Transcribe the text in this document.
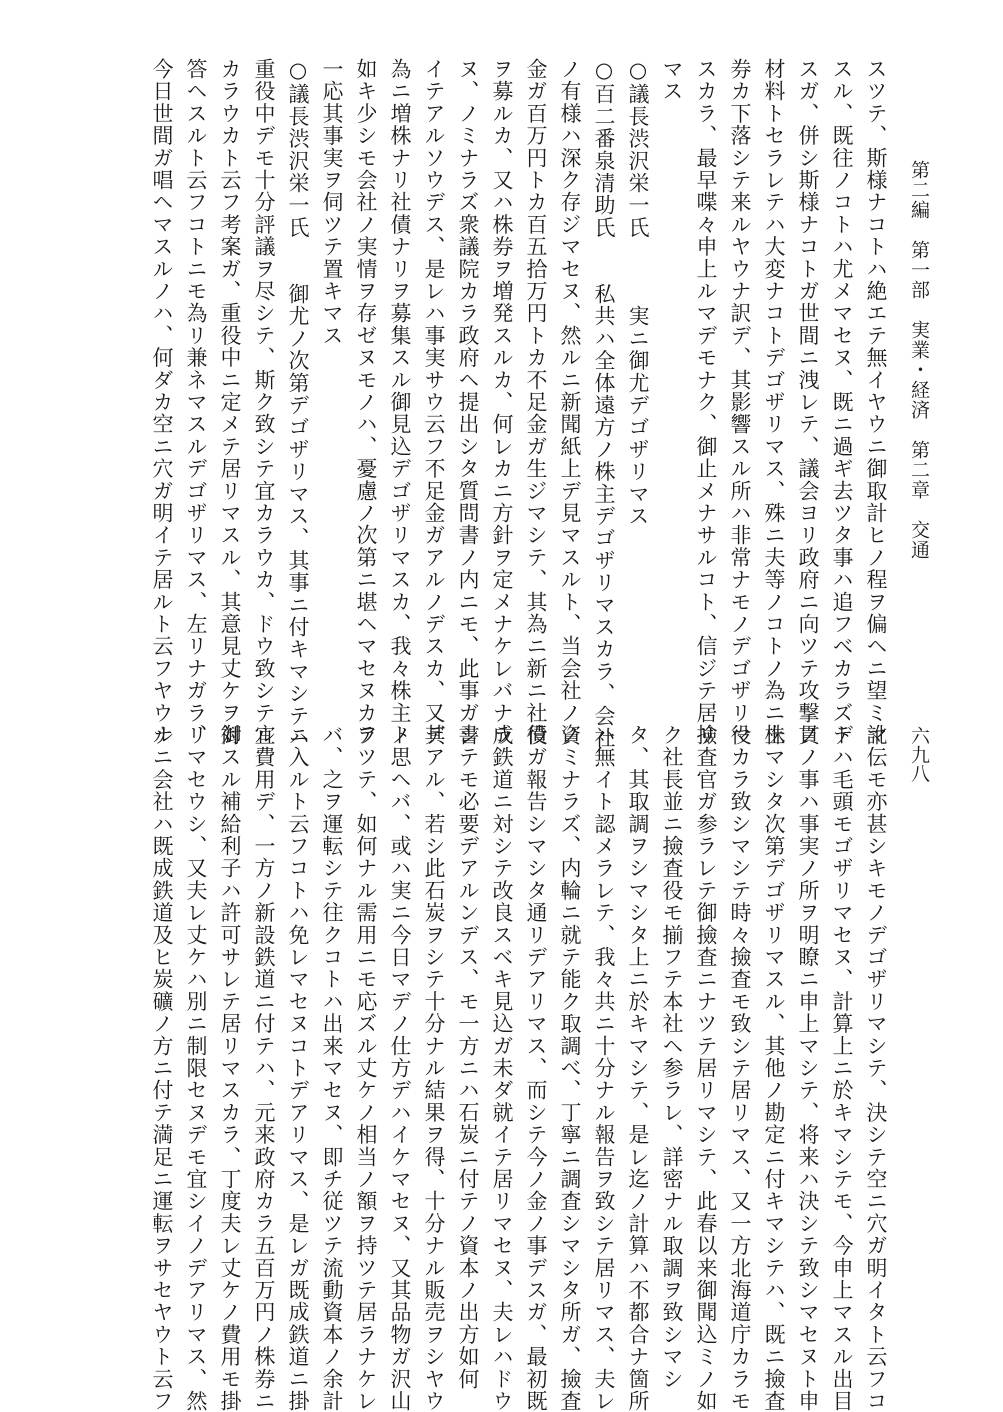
第二編　第一部　実業・経済　第二章　交通
六九八
スツテ、斯様ナコトハ絶エテ無イヤウニ御取計ヒノ程ヲ偏ヘニ望ミマ
スル、既往ノコトハ尤メマセヌ、既ニ過ギ去ツタ事ハ追フベカラズデ
スガ、併シ斯様ナコトガ世間ニ洩レテ、議会ヨリ政府ニ向ツテ攻撃ノ
材料トセラレテハ大変ナコトデゴザリマス、殊ニ夫等ノコトノ為ニ株
券カ下落シテ来ルヤウナ訳デ、其影響スル所ハ非常ナモノデゴザリマ
スカラ、最早喋々申上ルマデモナク、御止メナサルコト、信ジテ居リ
マス
○議長渋沢栄一氏　　　実ニ御尤デゴザリマス
○百二番泉清助氏　　私共ハ全体遠方ノ株主デゴザリマスカラ、会社
ノ有様ハ深ク存ジマセヌ、然ルニ新聞紙上デ見マスルト、当会社ノ資
金ガ百万円トカ百五拾万円トカ不足金ガ生ジマシテ、其為ニ新ニ社債
ヲ募ルカ、又ハ株券ヲ増発スルカ、何レカニ方針ヲ定メナケレバナラ
ヌ、ノミナラズ衆議院カラ政府ヘ提出シタ質問書ノ内ニモ、此事ガ書
イテアルソウデス、是レハ事実サウ云フ不足金ガアルノデスカ、又其
為ニ増株ナリ社債ナリヲ募集スル御見込デゴザリマスカ、我々株主ノ
如キ少シモ会社ノ実情ヲ存ゼヌモノハ、憂慮ノ次第ニ堪ヘマセヌカラ
一応其事実ヲ伺ツテ置キマス
○議長渋沢栄一氏　　御尤ノ次第デゴザリマス、其事ニ付キマシテハ
重役中デモ十分評議ヲ尽シテ、斯ク致シテ宜カラウカ、ドウ致シテ宜
カラウカト云フ考案ガ、重役中ニ定メテ居リマスル、其意見丈ケヲ御
答ヘスルト云フコトニモ為リ兼ネマスルデゴザリマス、左リナガラ、
今日世間ガ唱ヘマスルノハ、何ダカ空ニ穴ガ明イテ居ルト云フヤウナ
訛伝モ亦甚シキモノデゴザリマシテ、決シテ空ニ穴ガ明イタト云フコ
トハ毛頭モゴザリマセヌ、計算上ニ於キマシテモ、今申上マスル出目
貫ノ事ハ事実ノ所ヲ明瞭ニ申上マシテ、将来ハ決シテ致シマセヌト申
上マシタ次第デゴザリマスル、其他ノ勘定ニ付キマシテハ、既ニ撿査
役カラ致シマシテ時々撿査モ致シテ居リマス、又一方北海道庁カラモ
撿査官ガ参ラレテ御撿査ニナツテ居リマシテ、此春以来御聞込ミノ如
ク社長並ニ撿査役モ揃フテ本社ヘ参ラレ、詳密ナル取調ヲ致シマシ
タ、其取調ヲシマシタ上ニ於キマシテ、是レ迄ノ計算ハ不都合ナ箇所
ハ無イト認メラレテ、我々共ニ十分ナル報告ヲ致シテ居リマス、夫レ
ノミナラズ、内輪ニ就テ能ク取調べ、丁寧ニ調査シマシタ所ガ、撿査
役ガ報告シマシタ通リデアリマス、而シテ今ノ金ノ事デスガ、最初既
成鉄道ニ対シテ改良スベキ見込ガ未ダ就イテ居リマセヌ、夫レハドウ
シテモ必要デアルンデス、モ一方ニハ石炭ニ付テノ資本ノ出方如何
デアル、若シ此石炭ヲシテ十分ナル結果ヲ得、十分ナル販売ヲシヤウ
ト思ヘバ、或ハ実ニ今日マデノ仕方デハイケマセヌ、又其品物ガ沢山
アツテ、如何ナル需用ニモ応ズル丈ケノ相当ノ額ヲ持ツテ居ラナケレ
バ、之ヲ運転シテ往クコトハ出来マセヌ、即チ従ツテ流動資本ノ余計
ニ入ルト云フコトハ免レマセヌコトデアリマス、是レガ既成鉄道ニ掛
ル費用デ、一方ノ新設鉄道ニ付テハ、元来政府カラ五百万円ノ株券ニ
対スル補給利子ハ許可サレテ居リマスカラ、丁度夫レ丈ケノ費用モ掛
リマセウシ、又夫レ丈ケハ別ニ制限セヌデモ宜シイノデアリマス、然
ルニ会社ハ既成鉄道及ヒ炭礦ノ方ニ付テ満足ニ運転ヲサセヤウト云フ
